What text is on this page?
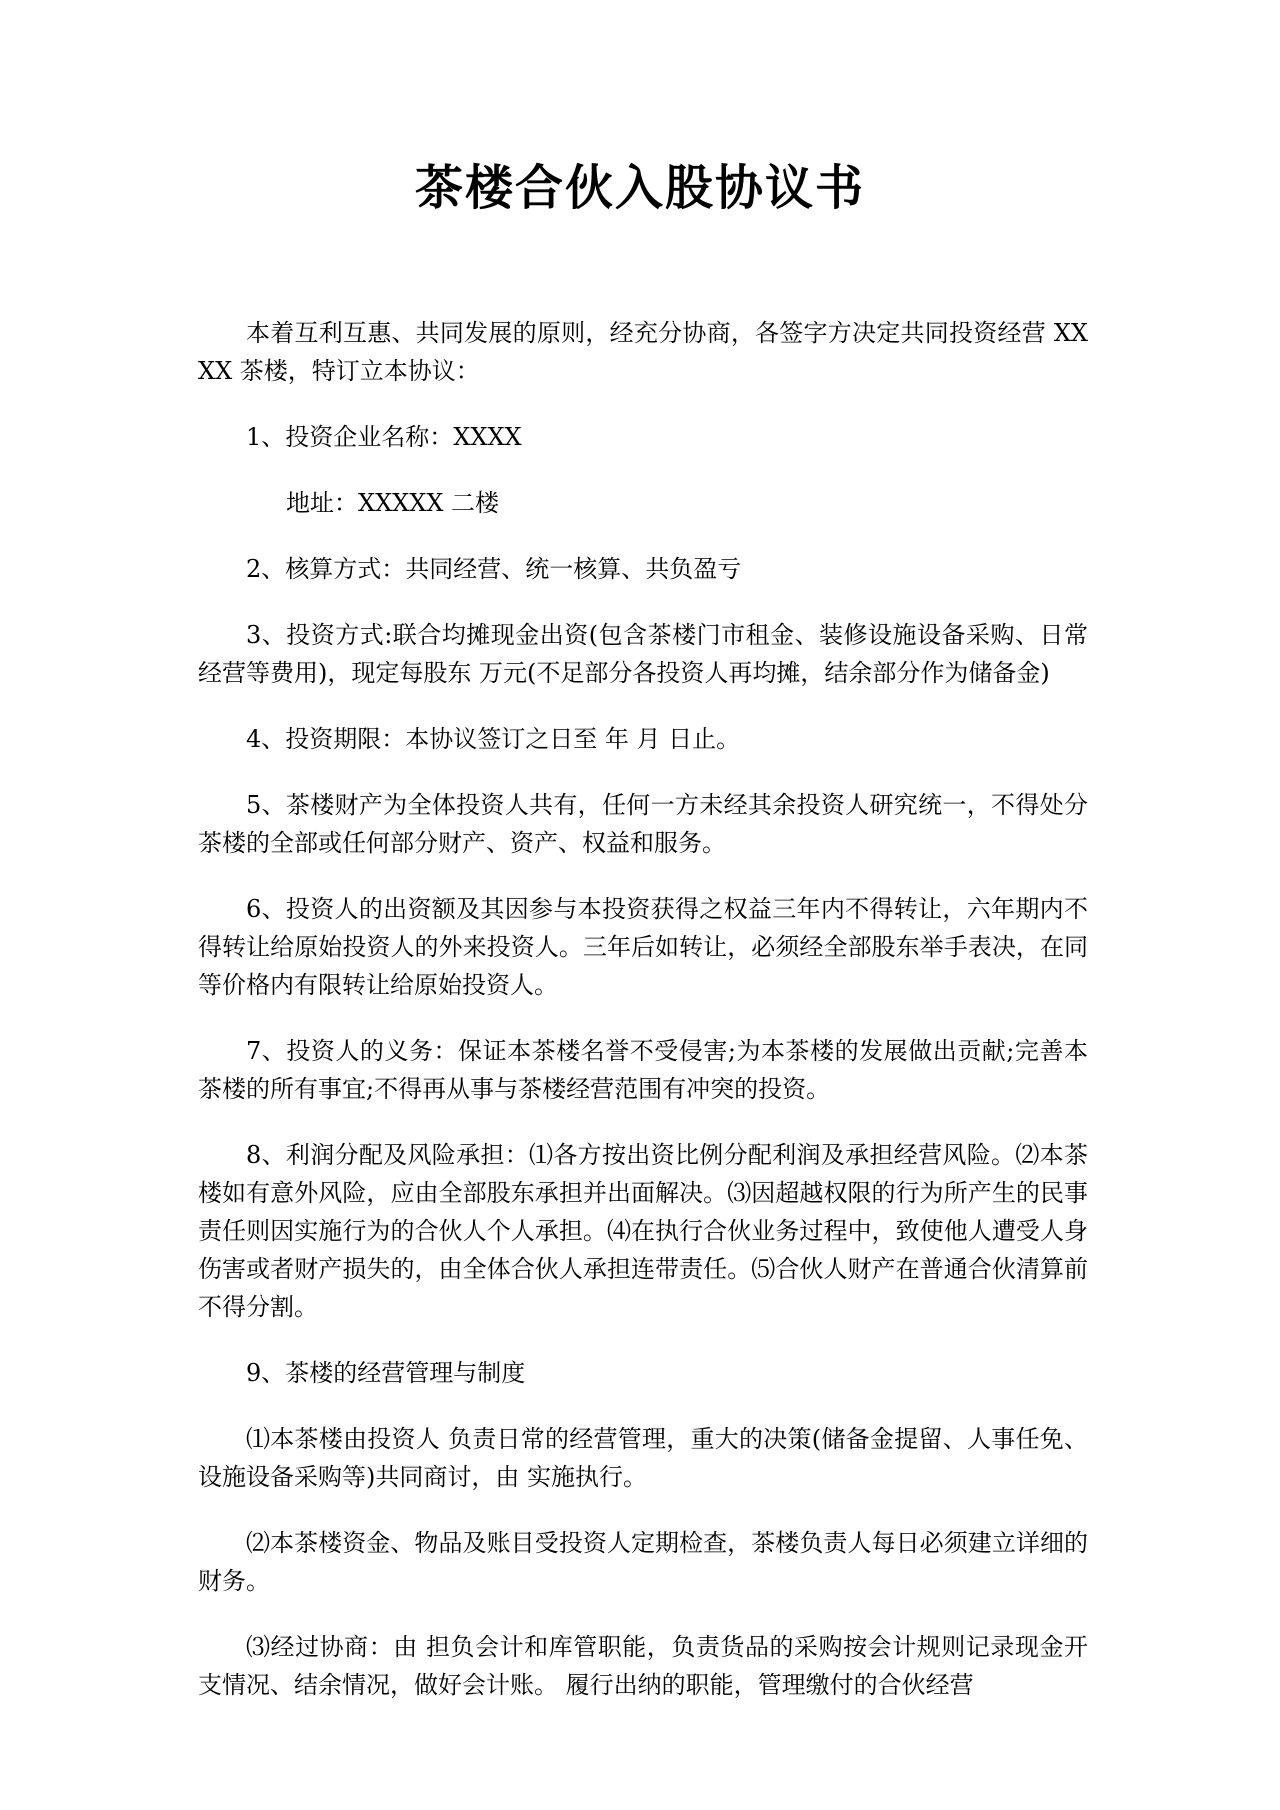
茶楼合伙入股协议书

本着互利互惠、共同发展的原则，经充分协商，各签字方决定共同投资经营 XXXX 茶楼，特订立本协议：

1、投资企业名称：XXXX

地址：XXXXX 二楼

2、核算方式：共同经营、统一核算、共负盈亏

3、投资方式:联合均摊现金出资(包含茶楼门市租金、装修设施设备采购、日常经营等费用)，现定每股东 万元(不足部分各投资人再均摊，结余部分作为储备金)

4、投资期限：本协议签订之日至 年 月 日止。

5、茶楼财产为全体投资人共有，任何一方未经其余投资人研究统一，不得处分茶楼的全部或任何部分财产、资产、权益和服务。

6、投资人的出资额及其因参与本投资获得之权益三年内不得转让，六年期内不得转让给原始投资人的外来投资人。三年后如转让，必须经全部股东举手表决，在同等价格内有限转让给原始投资人。

7、投资人的义务：保证本茶楼名誉不受侵害;为本茶楼的发展做出贡献;完善本茶楼的所有事宜;不得再从事与茶楼经营范围有冲突的投资。

8、利润分配及风险承担：⑴各方按出资比例分配利润及承担经营风险。⑵本茶楼如有意外风险，应由全部股东承担并出面解决。⑶因超越权限的行为所产生的民事责任则因实施行为的合伙人个人承担。⑷在执行合伙业务过程中，致使他人遭受人身伤害或者财产损失的，由全体合伙人承担连带责任。⑸合伙人财产在普通合伙清算前不得分割。

9、茶楼的经营管理与制度

⑴本茶楼由投资人 负责日常的经营管理，重大的决策(储备金提留、人事任免、设施设备采购等)共同商讨，由 实施执行。

⑵本茶楼资金、物品及账目受投资人定期检查，茶楼负责人每日必须建立详细的财务。

⑶经过协商：由 担负会计和库管职能，负责货品的采购按会计规则记录现金开支情况、结余情况，做好会计账。 履行出纳的职能，管理缴付的合伙经营
